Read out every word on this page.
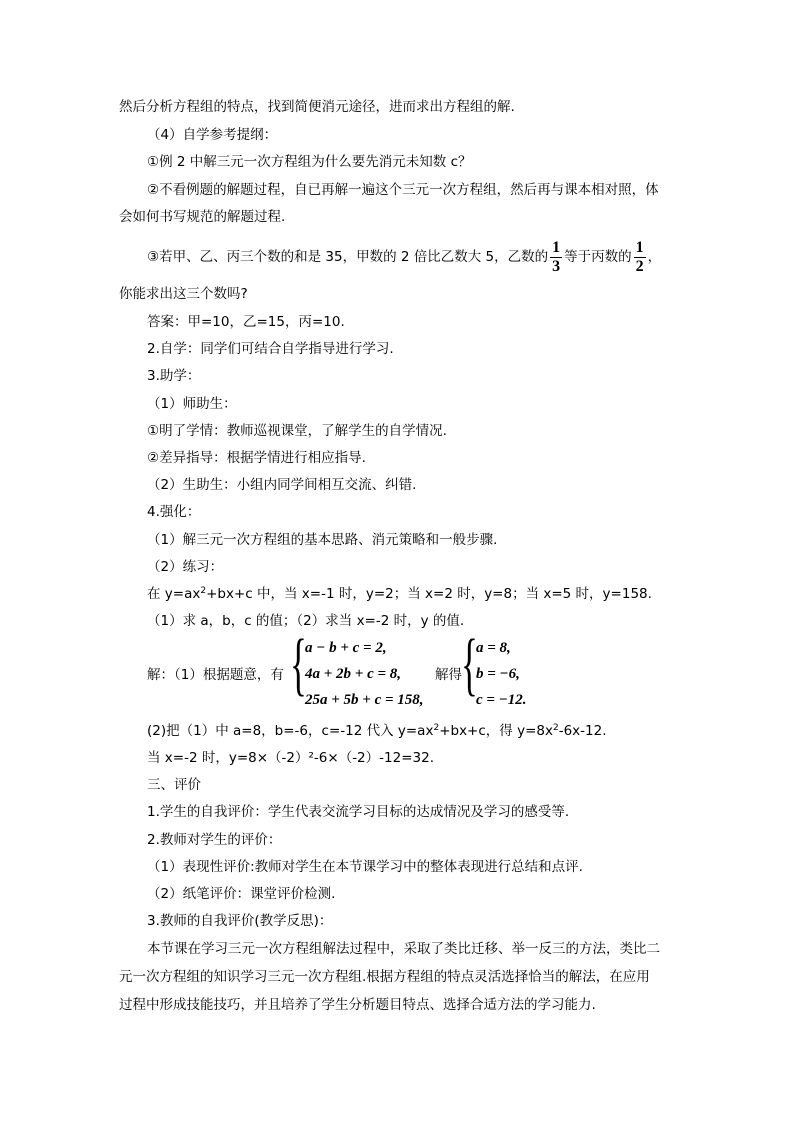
然后分析方程组的特点，找到简便消元途径，进而求出方程组的解.
（4）自学参考提纲：
①例 2 中解三元一次方程组为什么要先消元未知数 c？
②不看例题的解题过程，自已再解一遍这个三元一次方程组，然后再与课本相对照，体
会如何书写规范的解题过程.
③若甲、乙、丙三个数的和是 35，甲数的 2 倍比乙数大 5，乙数的 $\frac{1}{3}$ 等于丙数的 $\frac{1}{2}$ ，
你能求出这三个数吗?
答案：甲=10，乙=15，丙=10.
2.自学：同学们可结合自学指导进行学习.
3.助学：
（1）师助生：
①明了学情：教师巡视课堂，了解学生的自学情况.
②差异指导：根据学情进行相应指导.
（2）生助生：小组内同学间相互交流、纠错.
4.强化：
（1）解三元一次方程组的基本思路、消元策略和一般步骤.
（2）练习：
在 $y=ax^2+bx+c$ 中，当 x=-1 时，y=2；当 x=2 时，y=8；当 x=5 时，y=158.
（1）求 a，b，c 的值；（2）求当 x=-2 时，y 的值.
解：（1）根据题意，有 {
a − b + c = 2,
4a + 2b + c = 8,
25a + 5b + c = 158,
解得 {
a = 8,
b = −6,
c = −12.
(2)把（1）中 a=8，b=-6，c=-12 代入 $y=ax^2+bx+c$，得 $y=8x^2-6x-12$.
当 x=-2 时，y=8×（-2）²-6×（-2）-12=32.
三、评价
1.学生的自我评价：学生代表交流学习目标的达成情况及学习的感受等.
2.教师对学生的评价：
（1）表现性评价:教师对学生在本节课学习中的整体表现进行总结和点评.
（2）纸笔评价：课堂评价检测.
3.教师的自我评价(教学反思)：
本节课在学习三元一次方程组解法过程中，采取了类比迁移、举一反三的方法，类比二
元一次方程组的知识学习三元一次方程组.根据方程组的特点灵活选择恰当的解法，在应用
过程中形成技能技巧，并且培养了学生分析题目特点、选择合适方法的学习能力.
